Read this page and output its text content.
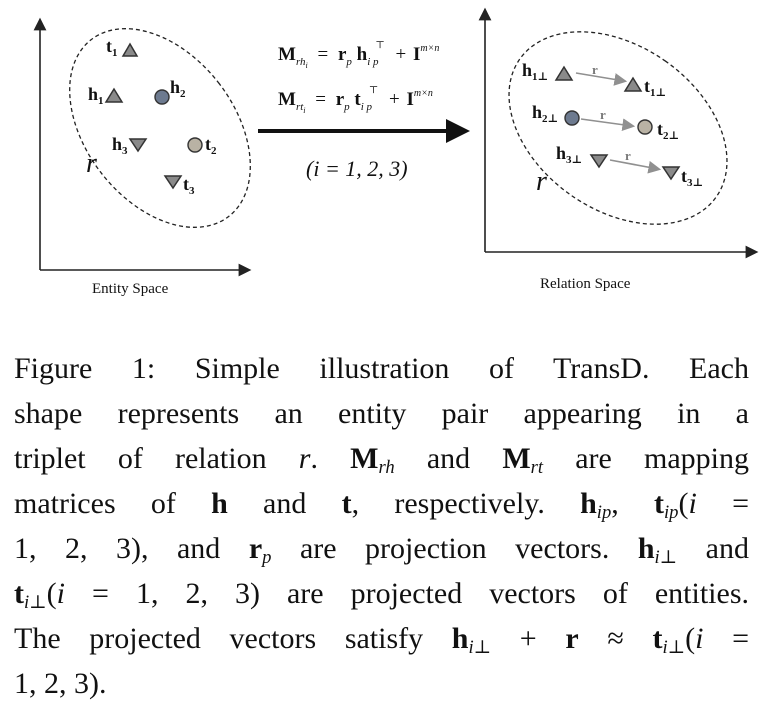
r
$t_1$
$h_1$
$h_2$
$h_3$	$t_2$
$t_3$
Entity Space
$M_{rh}i = r_p$ $h_{i p}$ ⊤ + $I^{m\times n}$
$M_{rt}i = r_p$ $t_{i p}$ ⊤ + $I^{m\times n}$
(i = 1, 2, 3)	r
$h_{1\perp}$	r
$t_{1\perp}$
$h_{2\perp}$	r
$t_{2\perp}$
$h_{3\perp}$	r
$t_{3\perp}$
Relation Space
Figure 1: Simple illustration of TransD. Each
shape represents an entity pair appearing in a
triplet of relation r. $M_{rh}$ and $M_{rt}$ are mapping
matrices of h and t, respectively. $h_{ip}$, $t_{ip}(i$ =
1, 2, 3), and $r_p$ are projection vectors. $h_{i\perp}$ and
$t_{i\perp}(i = 1$, 2, 3) are projected vectors of entities.
The projected vectors satisfy $h_{i\perp} + r \approx t_{i\perp}(i$ =
1, 2, 3).
